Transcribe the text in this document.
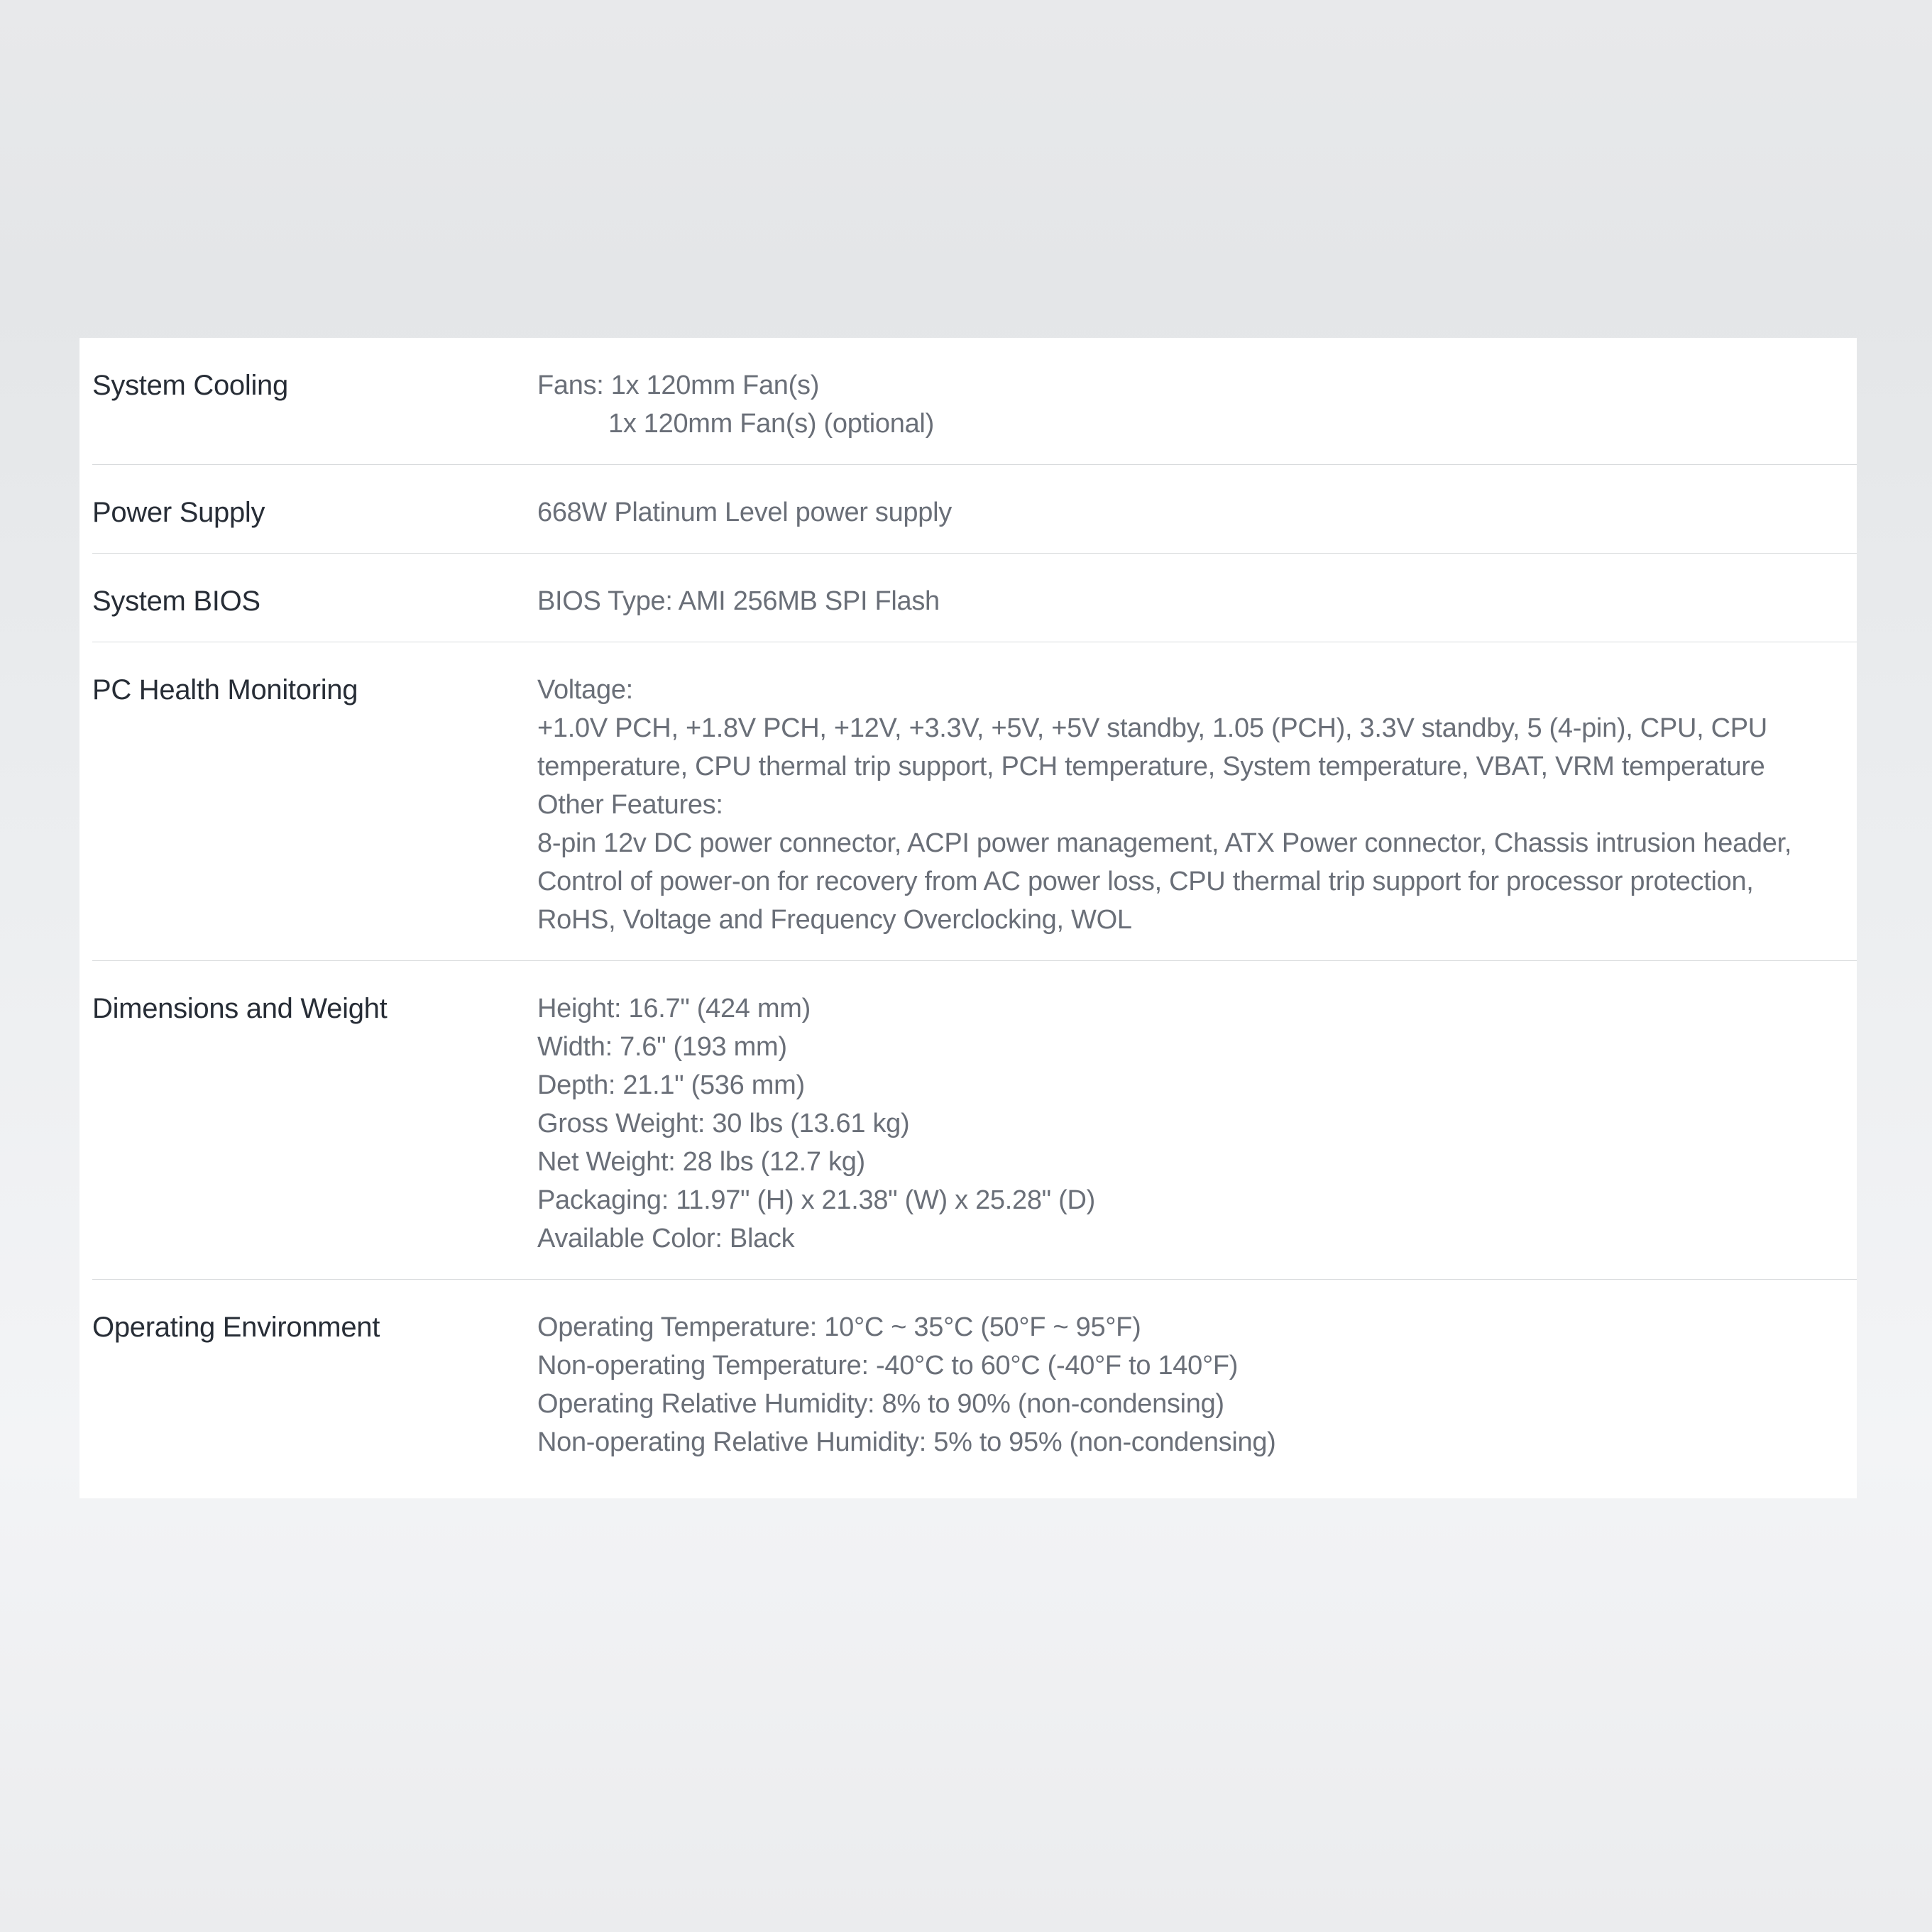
System Cooling	Fans: 1x 120mm Fan(s)
1x 120mm Fan(s) (optional)
Power Supply	668W Platinum Level power supply
System BIOS	BIOS Type: AMI 256MB SPI Flash
PC Health Monitoring	Voltage:
+1.0V PCH, +1.8V PCH, +12V, +3.3V, +5V, +5V standby, 1.05 (PCH), 3.3V standby, 5 (4-pin), CPU, CPU temperature, CPU thermal trip support, PCH temperature, System temperature, VBAT, VRM temperature
Other Features:
8-pin 12v DC power connector, ACPI power management, ATX Power connector, Chassis intrusion header, Control of power-on for recovery from AC power loss, CPU thermal trip support for processor protection, RoHS, Voltage and Frequency Overclocking, WOL
Dimensions and Weight	Height: 16.7" (424 mm)
Width: 7.6" (193 mm)
Depth: 21.1" (536 mm)
Gross Weight: 30 lbs (13.61 kg)
Net Weight: 28 lbs (12.7 kg)
Packaging: 11.97" (H) x 21.38" (W) x 25.28" (D)
Available Color: Black
Operating Environment	Operating Temperature: 10°C ~ 35°C (50°F ~ 95°F)
Non-operating Temperature: -40°C to 60°C (-40°F to 140°F)
Operating Relative Humidity: 8% to 90% (non-condensing)
Non-operating Relative Humidity: 5% to 95% (non-condensing)
